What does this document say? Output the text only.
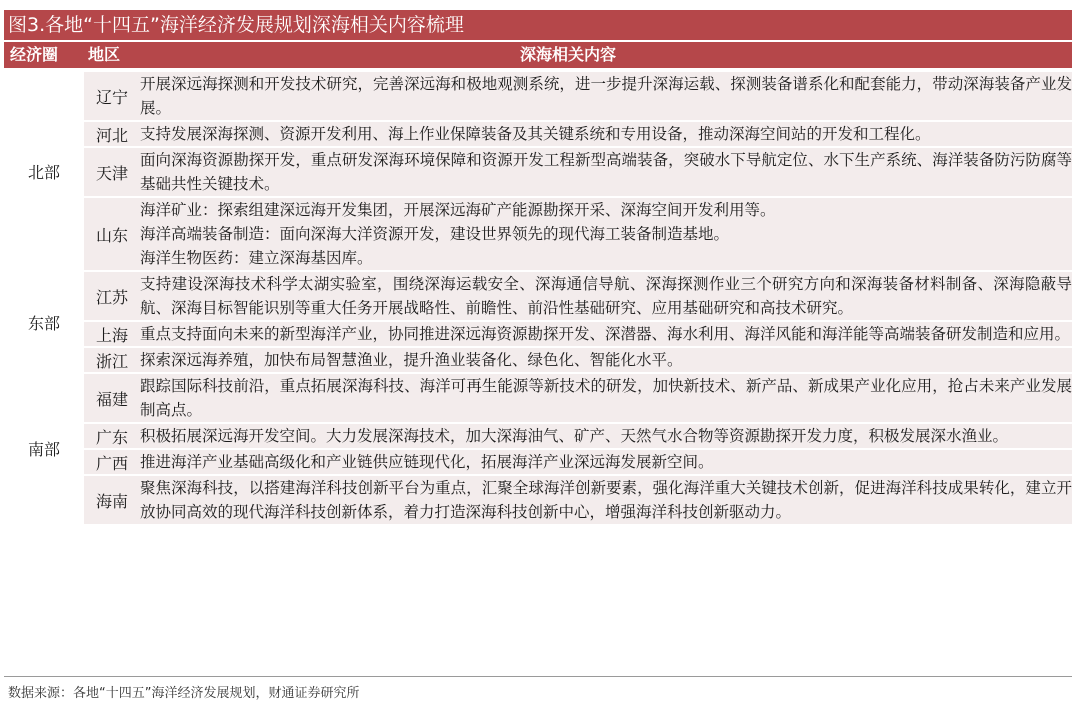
图3.各地“十四五”海洋经济发展规划深海相关内容梳理
经济圈 地区	深海相关内容
北部	辽宁	开展深远海探测和开发技术研究，完善深远海和极地观测系统，进一步提升深海运载、探测装备谱系化和配套能力，带动深海装备产业发展。
	河北	支持发展深海探测、资源开发利用、海上作业保障装备及其关键系统和专用设备，推动深海空间站的开发和工程化。
	天津	面向深海资源勘探开发，重点研发深海环境保障和资源开发工程新型高端装备，突破水下导航定位、水下生产系统、海洋装备防污防腐等基础共性关键技术。
	山东	海洋矿业：探索组建深远海开发集团，开展深远海矿产能源勘探开采、深海空间开发利用等。
海洋高端装备制造：面向深海大洋资源开发，建设世界领先的现代海工装备制造基地。
海洋生物医药：建立深海基因库。

东部	江苏	支持建设深海技术科学太湖实验室，围绕深海运载安全、深海通信导航、深海探测作业三个研究方向和深海装备材料制备、深海隐蔽导航、深海目标智能识别等重大任务开展战略性、前瞻性、前沿性基础研究、应用基础研究和高技术研究。
	上海	重点支持面向未来的新型海洋产业，协同推进深远海资源勘探开发、深潜器、海水利用、海洋风能和海洋能等高端装备研发制造和应用。
	浙江	探索深远海养殖，加快布局智慧渔业，提升渔业装备化、绿色化、智能化水平。
南部	福建	跟踪国际科技前沿，重点拓展深海科技、海洋可再生能源等新技术的研发，加快新技术、新产品、新成果产业化应用，抢占未来产业发展制高点。
	广东	积极拓展深远海开发空间。大力发展深海技术，加大深海油气、矿产、天然气水合物等资源勘探开发力度，积极发展深水渔业。
	广西	推进海洋产业基础高级化和产业链供应链现代化，拓展海洋产业深远海发展新空间。
	海南	聚焦深海科技，以搭建海洋科技创新平台为重点，汇聚全球海洋创新要素，强化海洋重大关键技术创新，促进海洋科技成果转化，建立开放协同高效的现代海洋科技创新体系，着力打造深海科技创新中心，增强海洋科技创新驱动力。
数据来源：各地“十四五”海洋经济发展规划，财通证券研究所
